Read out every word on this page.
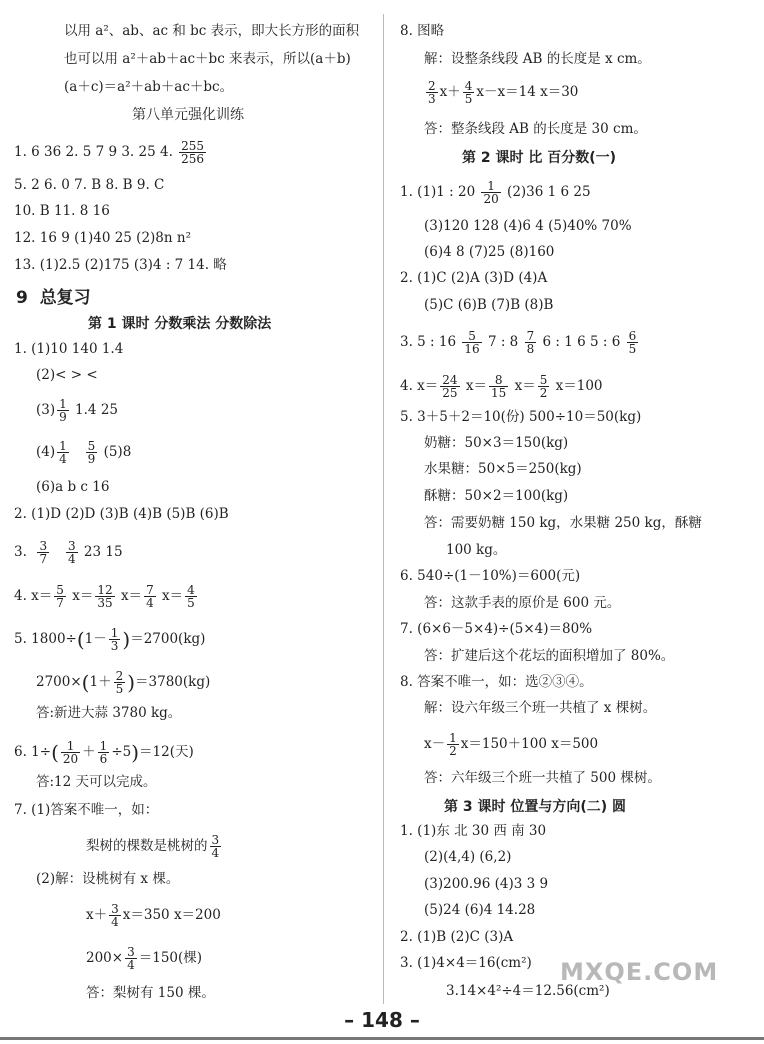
以用 a²、ab、ac 和 bc 表示，即大长方形的面积
也可以用 a²＋ab＋ac＋bc 来表示，所以(a＋b)
(a＋c)＝a²＋ab＋ac＋bc。
第八单元强化训练
1. 6 36 2. 5 7 9 3. 25 4. $\frac{255}{256}$
5. 2 6. 0 7. B 8. B 9. C
10. B 11. 8 16
12. 16 9 (1)40 25 (2)8n n²
13. (1)2.5 (2)175 (3)4 : 7 14. 略
9 总复习
第 1 课时 分数乘法 分数除法
1. (1)10 140 1.4
(2)< > <
$(3) \frac{1}{9} 1.4$ 25
$(4) \frac{1}{4}$
$\frac{5}{9} (5)8$
(6)a b c 16
2. (1)D (2)D (3)B (4)B (5)B (6)B
3. $\frac{3}{7}$
$\frac{3}{4} 23$ 15
4. $x= \frac{5}{7} x= \frac{12}{35} x= \frac{7}{4} x= \frac{4}{5}$
5. $1800\div(1- \frac{1}{3} )=2700(kg)$
$2700\times(1+ \frac{2}{5} )=3780(kg)$
答:新进大蒜 3780 kg。
6. $1\div( \frac{1}{20} + \frac{1}{6} \div 5)=12$(天)
答:12 天可以完成。
7. (1)答案不唯一，如：
梨树的棵数是桃树的 $\frac{3}{4}$
(2)解：设桃树有 x 棵。
$x+ \frac{3}{4} x=350$ x＝200
$200\times \frac{3}{4} =150$(棵)
答：梨树有 150 棵。
8. 图略
解：设整条线段 AB 的长度是 x cm。
$\frac{2}{3} x+ \frac{4}{5} x-x=14$ x＝30
答：整条线段 AB 的长度是 30 cm。
第 2 课时 比 百分数(一)
1. (1)1 : $20 \frac{1}{20} (2)36$ 1 6 25
(3)120 128 (4)6 4 (5)40% 70%
(6)4 8 (7)25 (8)160
2. (1)C (2)A (3)D (4)A
(5)C (6)B (7)B (8)B
3. 5 : $16 \frac{5}{16} 7$ : $8 \frac{7}{8} 6$ : 1 6 5 : $6 \frac{6}{5}$
4. $x= \frac{24}{25} x= \frac{8}{15} x= \frac{5}{2} x=100$
5. 3＋5＋2＝10(份) 500÷10＝50(kg)
奶糖：50×3＝150(kg)
水果糖：50×5＝250(kg)
酥糖：50×2＝100(kg)
答：需要奶糖 150 kg，水果糖 250 kg，酥糖
100 kg。
6. 540÷(1－10%)＝600(元)
答：这款手表的原价是 600 元。
7. (6×6－5×4)÷(5×4)＝80%
答：扩建后这个花坛的面积增加了 80%。
8. 答案不唯一，如：选②③④。
解：设六年级三个班一共植了 x 棵树。
$x- \frac{1}{2} x=150+100$ x＝500
答：六年级三个班一共植了 500 棵树。
第 3 课时 位置与方向(二) 圆
1. (1)东 北 30 西 南 30
(2)(4,4) (6,2)
(3)200.96 (4)3 3 9
(5)24 (6)4 14.28
2. (1)B (2)C (3)A
3. (1)4×4＝16(cm²)
3.14×4²÷4＝12.56(cm²)
MXQE.COM
– 148 –
